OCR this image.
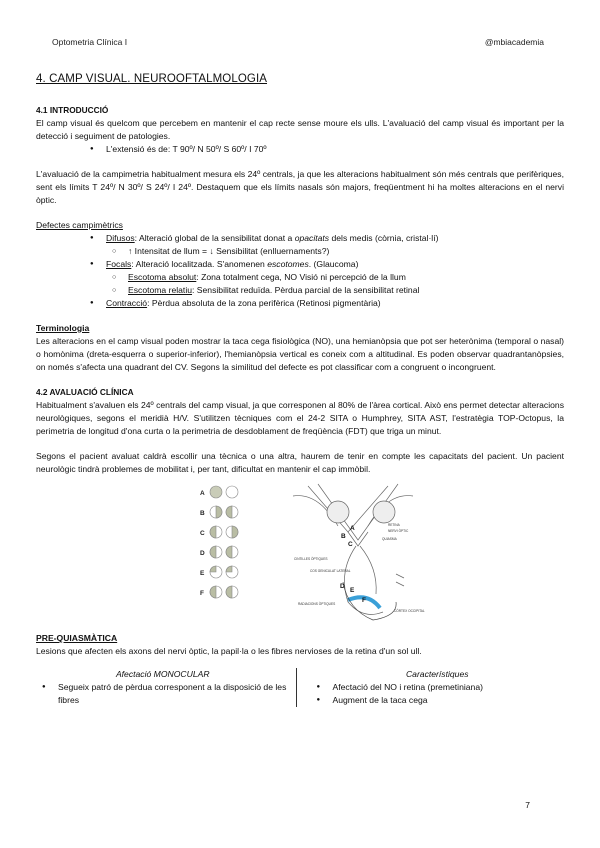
Optometria Clínica I	@mbiacademia
4. CAMP VISUAL. NEUROOFTALMOLOGIA
4.1 INTRODUCCIÓ

El camp visual és quelcom que percebem en mantenir el cap recte sense moure els ulls. L'avaluació del camp visual és important per la detecció i seguiment de patologies.

● L'extensió és de: T 90º/ N 50º/ S 60º/ I 70º

L'avaluació de la campimetria habitualment mesura els 24º centrals, ja que les alteracions habitualment són més centrals que perifèriques, sent els límits T 24º/ N 30º/ S 24º/ I 24º. Destaquem que els límits nasals són majors, freqüentment hi ha moltes alteracions en el nervi òptic.

Defectes campimètrics
● Difusos: Alteració global de la sensibilitat donat a opacitats dels medis (còrnia, cristal·lí)
○ ↑ Intensitat de llum = ↓ Sensibilitat (enlluernaments?)
● Focals: Alteració localitzada. S'anomenen escotomes. (Glaucoma)
○ Escotoma absolut: Zona totalment cega, NO Visió ni percepció de la llum
○ Escotoma relatiu: Sensibilitat reduïda. Pèrdua parcial de la sensibilitat retinal
● Contracció: Pèrdua absoluta de la zona perifèrica (Retinosi pigmentària)
Terminologia

Les alteracions en el camp visual poden mostrar la taca cega fisiològica (NO), una hemianòpsia que pot ser heterònima (temporal o nasal) o homònima (dreta-esquerra o superior-inferior), l'hemianòpsia vertical es coneix com a altitudinal. Es poden observar quadrantanòpsies, on només s'afecta una quadrant del CV. Segons la similitud del defecte es pot classificar com a congruent o incongruent.

4.2 AVALUACIÓ CLÍNICA

Habitualment s'avaluen els 24º centrals del camp visual, ja que corresponen al 80% de l'àrea cortical. Això ens permet detectar alteracions neurològiques, segons el meridià H/V. S'utilitzen tècniques com el 24-2 SITA o Humphrey, SITA AST, l'estratègia TOP-Octopus, la perimetria de longitud d'ona curta o la perimetria de desdoblament de freqüència (FDT) que triga un minut.

Segons el pacient avaluat caldrà escollir una tècnica o una altra, haurem de tenir en compte les capacitats del pacient. Un pacient neurològic tindrà problemes de mobilitat i, per tant, dificultat en mantenir el cap immòbil.

A
B
C
D
E
F
A
B
C
D
E
F
RETINA
NERVI ÒPTIC
QUIASMA
CINTILLES ÒPTIQUES
COS GENICULAT LATERAL
RADIACIONS ÒPTIQUES
CÒRTEX OCCIPITAL
PRE-QUIASMÀTICA

Lesions que afecten els axons del nervi òptic, la papil·la o les fibres nervioses de la retina d'un sol ull.

Afectació MONOCULAR
● Segueix patró de pèrdua corresponent a la disposició de les fibres
Característiques
● Afectació del NO i retina (premetiniana)
● Augment de la taca cega
7
